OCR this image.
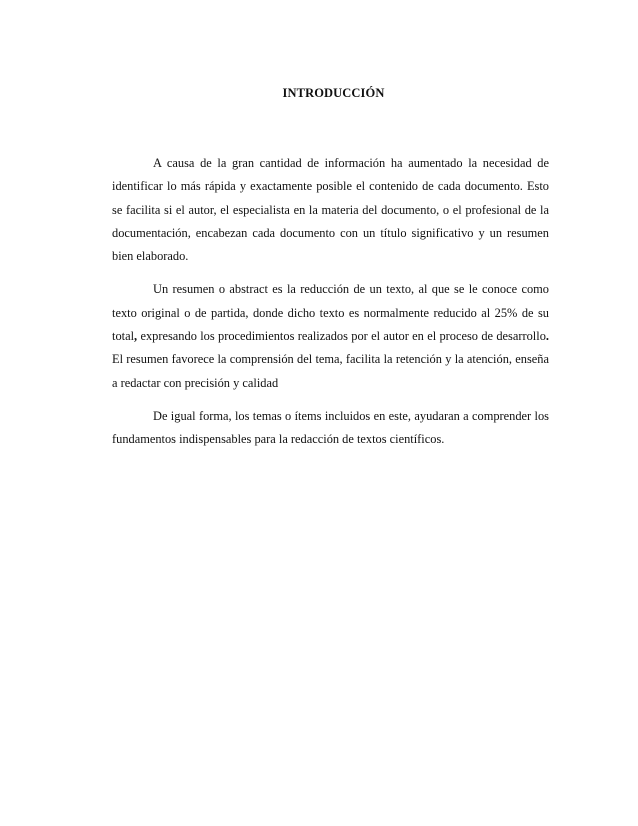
INTRODUCCIÓN

A causa de la gran cantidad de información ha aumentado la necesidad de identificar lo más rápida y exactamente posible el contenido de cada documento. Esto se facilita si el autor, el especialista en la materia del documento, o el profesional de la documentación, encabezan cada documento con un título significativo y un resumen bien elaborado.

Un resumen o abstract es la reducción de un texto, al que se le conoce como texto original o de partida, donde dicho texto es normalmente reducido al 25% de su total, expresando los procedimientos realizados por el autor en el proceso de desarrollo. El resumen favorece la comprensión del tema, facilita la retención y la atención, enseña a redactar con precisión y calidad

De igual forma, los temas o ítems incluidos en este, ayudaran a comprender los fundamentos indispensables para la redacción de textos científicos.
